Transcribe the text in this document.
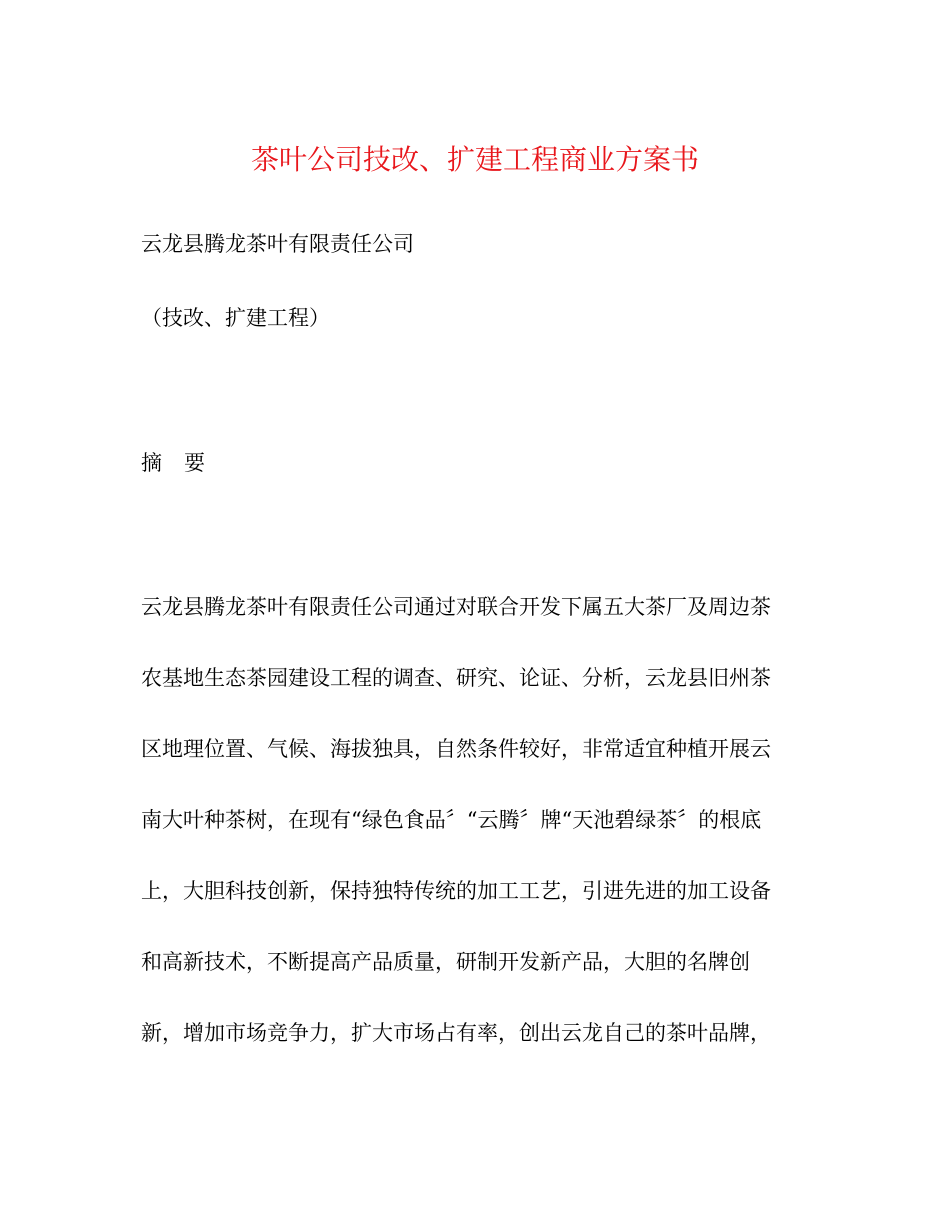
茶叶公司技改、扩建工程商业方案书
云龙县腾龙茶叶有限责任公司
（技改、扩建工程）
摘 要
云龙县腾龙茶叶有限责任公司通过对联合开发下属五大茶厂及周边茶
农基地生态茶园建设工程的调查、研究、论证、分析，云龙县旧州茶
区地理位置、气候、海拔独具，自然条件较好，非常适宜种植开展云
南大叶种茶树，在现有“绿色食品〞“云腾〞牌“天池碧绿茶〞的根底
上，大胆科技创新，保持独特传统的加工工艺，引进先进的加工设备
和高新技术，不断提高产品质量，研制开发新产品，大胆的名牌创
新，增加市场竞争力，扩大市场占有率，创出云龙自己的茶叶品牌，
